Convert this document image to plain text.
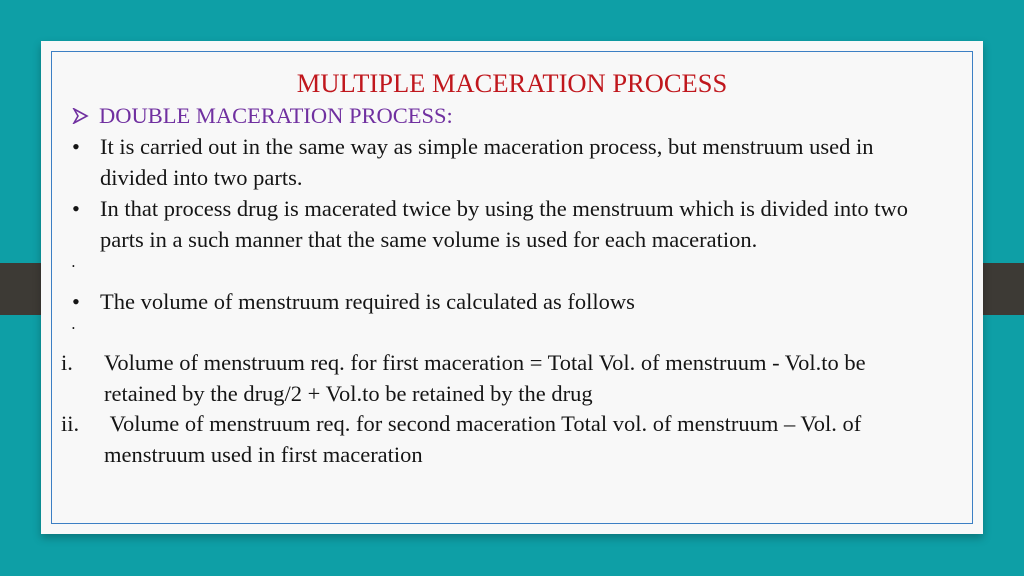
MULTIPLE MACERATION PROCESS
DOUBLE MACERATION PROCESS:
• It is carried out in the same way as simple maceration process, but menstruum used in divided into two parts.
• In that process drug is macerated twice by using the menstruum which is divided into two parts in a such manner that the same volume is used for each maceration.
•
• The volume of menstruum required is calculated as follows
•
i. Volume of menstruum req. for first maceration = Total Vol. of menstruum - Vol.to be retained by the drug/2 + Vol.to be retained by the drug
ii. Volume of menstruum req. for second maceration Total vol. of menstruum – Vol. of menstruum used in first maceration
